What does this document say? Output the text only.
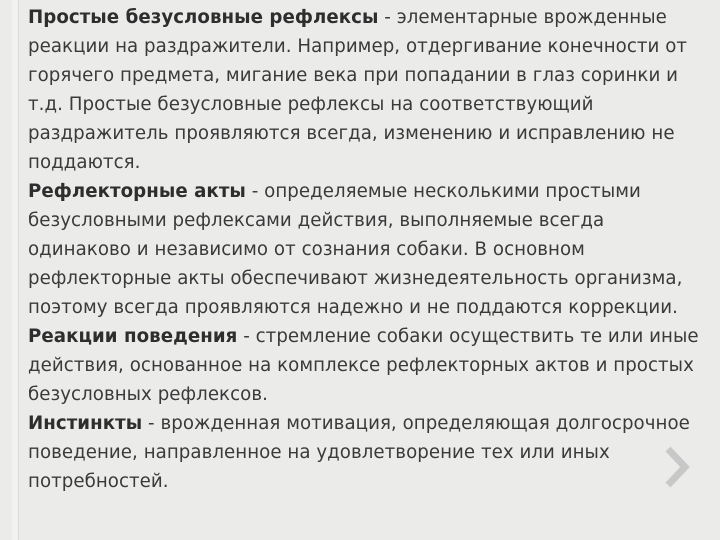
Простые безусловные рефлексы - элементарные врожденные реакции на раздражители. Например, отдергивание конечности от горячего предмета, мигание века при попадании в глаз соринки и т.д. Простые безусловные рефлексы на соответствующий раздражитель проявляются всегда, изменению и исправлению не поддаются.

Рефлекторные акты - определяемые несколькими простыми безусловными рефлексами действия, выполняемые всегда одинаково и независимо от сознания собаки. В основном рефлекторные акты обеспечивают жизнедеятельность организма, поэтому всегда проявляются надежно и не поддаются коррекции.

Реакции поведения - стремление собаки осуществить те или иные действия, основанное на комплексе рефлекторных актов и простых безусловных рефлексов.

Инстинкты - врожденная мотивация, определяющая долгосрочное поведение, направленное на удовлетворение тех или иных потребностей.
